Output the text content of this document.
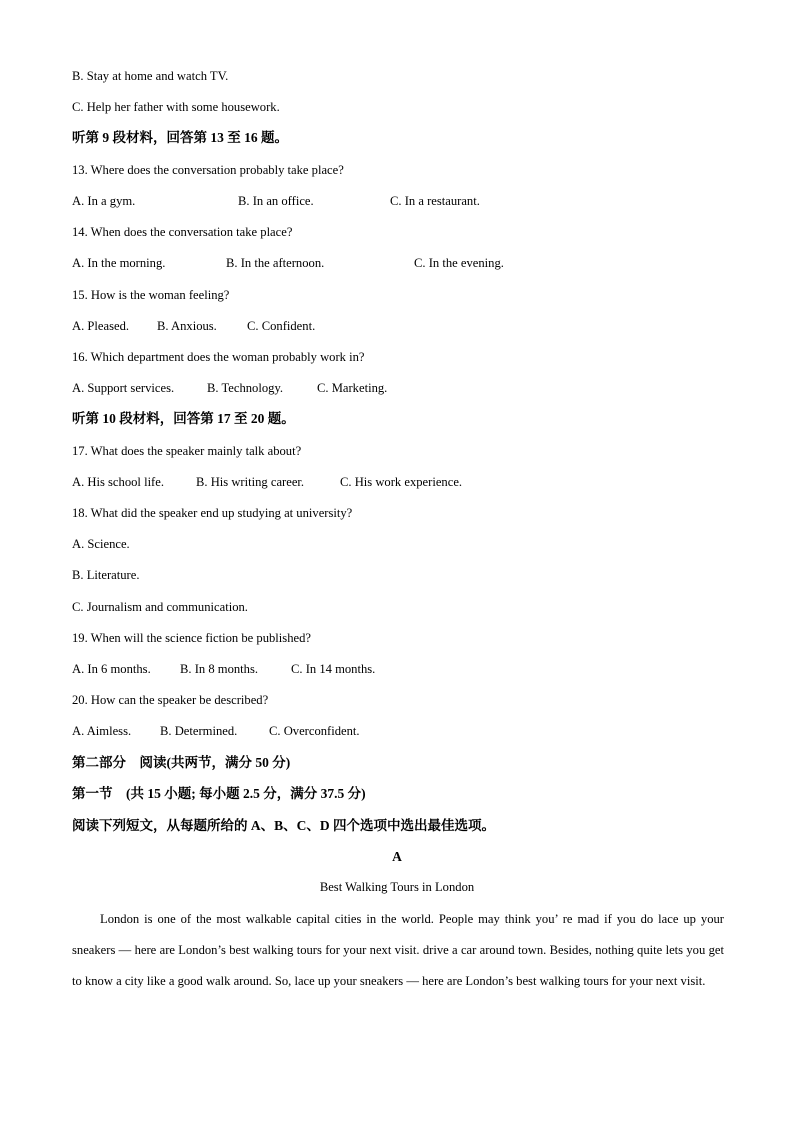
B. Stay at home and watch TV.
C. Help her father with some housework.
听第 9 段材料，回答第 13 至 16 题。
13. Where does the conversation probably take place?
A. In a gym.	B. In an office.	C. In a restaurant.
14. When does the conversation take place?
A. In the morning.	B. In the afternoon.	C. In the evening.
15. How is the woman feeling?
A. Pleased. B. Anxious. C. Confident.
16. Which department does the woman probably work in?
A. Support services.	B. Technology.	C. Marketing.
听第 10 段材料，回答第 17 至 20 题。
17. What does the speaker mainly talk about?
A. His school life.	B. His writing career.	C. His work experience.
18. What did the speaker end up studying at university?
A. Science.
B. Literature.
C. Journalism and communication.
19. When will the science fiction be published?
A. In 6 months. B. In 8 months.	C. In 14 months.
20. How can the speaker be described?
A. Aimless. B. Determined.	C. Overconfident.
第二部分　阅读(共两节，满分 50 分)
第一节　(共 15 小题; 每小题 2.5 分，满分 37.5 分)
阅读下列短文，从每题所给的 A、B、C、D 四个选项中选出最佳选项。
A
Best Walking Tours in London
London is one of the most walkable capital cities in the world. People may think you’ re mad if you do lace up your sneakers — here are London’s best walking tours for your next visit. drive a car around town. Besides, nothing quite lets you get to know a city like a good walk around. So, lace up your sneakers — here are London’s best walking tours for your next visit.
